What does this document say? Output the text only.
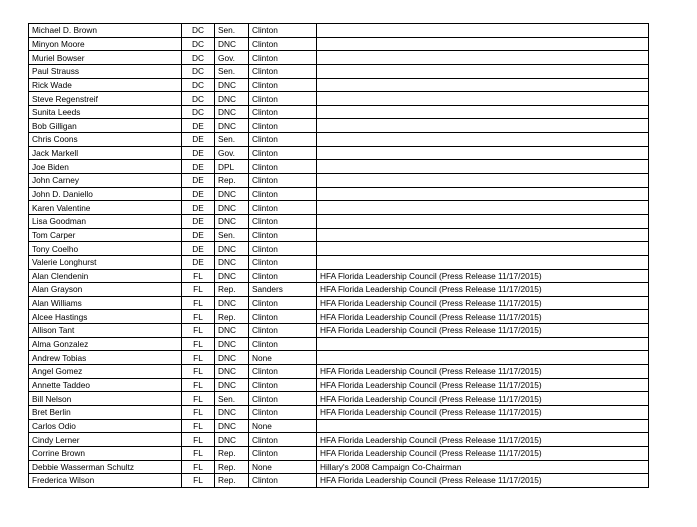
Michael D. Brown	DC	Sen.	Clinton	
Minyon Moore	DC	DNC	Clinton	
Muriel Bowser	DC	Gov.	Clinton	
Paul Strauss	DC	Sen.	Clinton	
Rick Wade	DC	DNC	Clinton	
Steve Regenstreif	DC	DNC	Clinton	
Sunita Leeds	DC	DNC	Clinton	
Bob Gilligan	DE	DNC	Clinton	
Chris Coons	DE	Sen.	Clinton	
Jack Markell	DE	Gov.	Clinton	
Joe Biden	DE	DPL	Clinton	
John Carney	DE	Rep.	Clinton	
John D. Daniello	DE	DNC	Clinton	
Karen Valentine	DE	DNC	Clinton	
Lisa Goodman	DE	DNC	Clinton	
Tom Carper	DE	Sen.	Clinton	
Tony Coelho	DE	DNC	Clinton	
Valerie Longhurst	DE	DNC	Clinton	
Alan Clendenin	FL	DNC	Clinton	HFA Florida Leadership Council (Press Release 11/17/2015)
Alan Grayson	FL	Rep.	Sanders	HFA Florida Leadership Council (Press Release 11/17/2015)
Alan Williams	FL	DNC	Clinton	HFA Florida Leadership Council (Press Release 11/17/2015)
Alcee Hastings	FL	Rep.	Clinton	HFA Florida Leadership Council (Press Release 11/17/2015)
Allison Tant	FL	DNC	Clinton	HFA Florida Leadership Council (Press Release 11/17/2015)
Alma Gonzalez	FL	DNC	Clinton	
Andrew Tobias	FL	DNC	None	
Angel Gomez	FL	DNC	Clinton	HFA Florida Leadership Council (Press Release 11/17/2015)
Annette Taddeo	FL	DNC	Clinton	HFA Florida Leadership Council (Press Release 11/17/2015)
Bill Nelson	FL	Sen.	Clinton	HFA Florida Leadership Council (Press Release 11/17/2015)
Bret Berlin	FL	DNC	Clinton	HFA Florida Leadership Council (Press Release 11/17/2015)
Carlos Odio	FL	DNC	None	
Cindy Lerner	FL	DNC	Clinton	HFA Florida Leadership Council (Press Release 11/17/2015)
Corrine Brown	FL	Rep.	Clinton	HFA Florida Leadership Council (Press Release 11/17/2015)
Debbie Wasserman Schultz	FL	Rep.	None	Hillary's 2008 Campaign Co-Chairman
Frederica Wilson	FL	Rep.	Clinton	HFA Florida Leadership Council (Press Release 11/17/2015)
